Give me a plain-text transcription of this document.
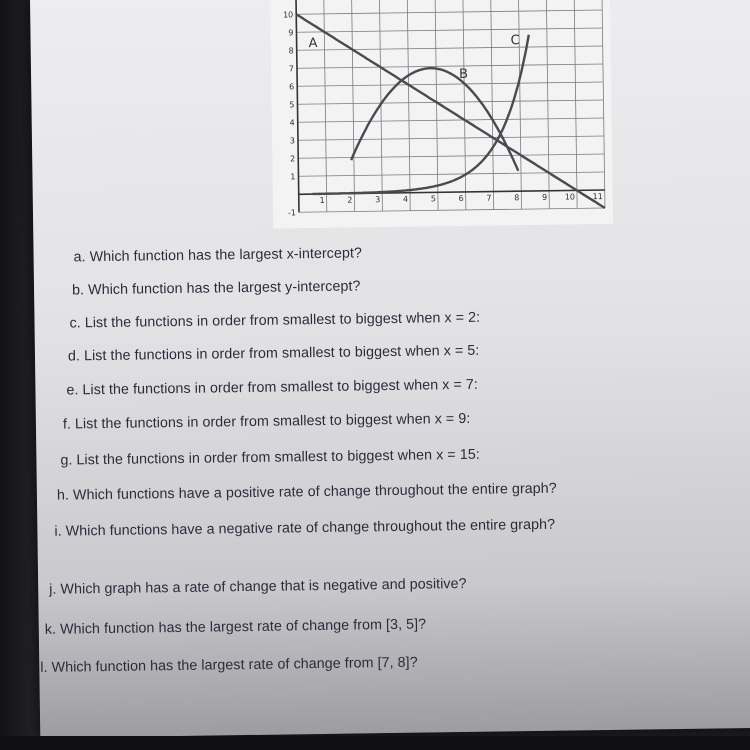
-1
1
2
3
4
5
6
7
8
9
10
1	2	3	4	5	6	7	8	9 10 11
A
B
C

a. Which function has the largest x-intercept?

b. Which function has the largest y-intercept?

c. List the functions in order from smallest to biggest when x = 2:

d. List the functions in order from smallest to biggest when x = 5:

e. List the functions in order from smallest to biggest when x = 7:

f. List the functions in order from smallest to biggest when x = 9:

g. List the functions in order from smallest to biggest when x = 15:

h. Which functions have a positive rate of change throughout the entire graph?

i. Which functions have a negative rate of change throughout the entire graph?

j. Which graph has a rate of change that is negative and positive?

k. Which function has the largest rate of change from [3, 5]?

l. Which function has the largest rate of change from [7, 8]?
